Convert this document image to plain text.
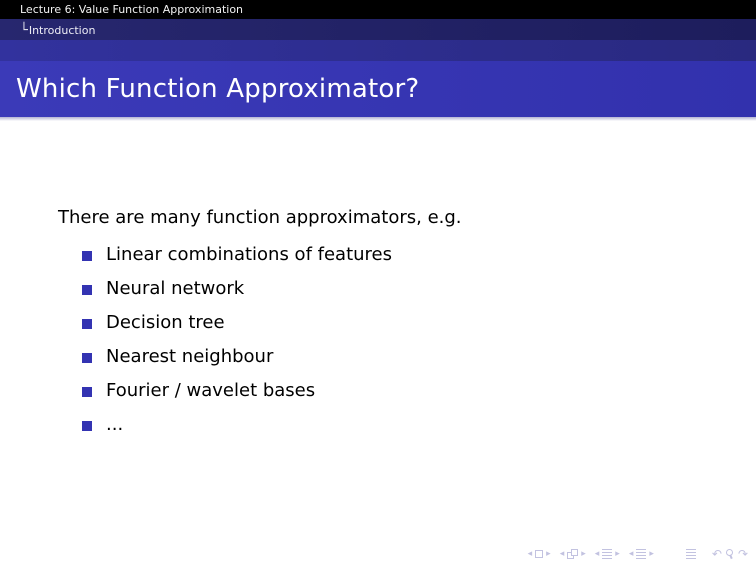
Lecture 6: Value Function Approximation
└ Introduction
Which Function Approximator?

There are many function approximators, e.g.

Linear combinations of features
Neural network
Decision tree
Nearest neighbour
Fourier / wavelet bases
...
◂ ▸ ◂ ▸ ◂ ▸ ◂ ▸	↶ ↷
